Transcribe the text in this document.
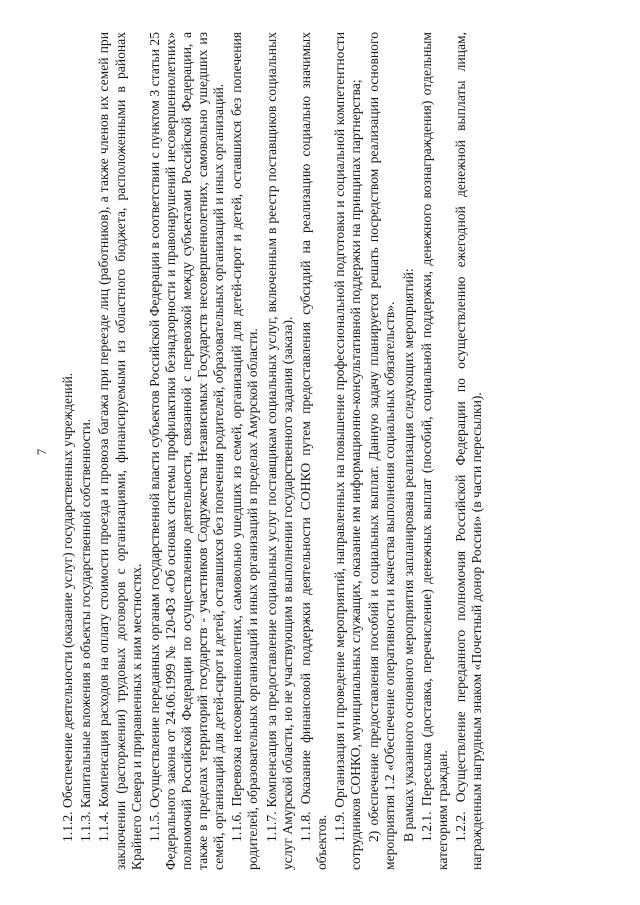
7 1.1.2. Обеспечение деятельности (оказание услуг) государственных учреждений. 1.1.3. Капитальные вложения в объекты государственной собственности. 1.1.4. Компенсация расходов на оплату стоимости проезда и провоза багажа при переезде лиц (работников), а также членов их семей при заключении (расторжении) трудовых договоров с организациями, финансируемыми из областного бюджета, расположенными в районах Крайнего Севера и приравненных к ним местностях. 1.1.5. Осуществление переданных органам государственной власти субъектов Российской Федерации в соответствии с пунктом 3 статьи 25 Федерального закона от 24.06.1999 № 120-ФЗ «Об основах системы профилактики безнадзорности и правонарушений несовершеннолетних» полномочий Российской Федерации по осуществлению деятельности, связанной с перевозкой между субъектами Российской Федерации, а также в пределах территорий государств - участников Содружества Независимых Государств несовершеннолетних, самовольно ушедших из семей, организаций для детей-сирот и детей, оставшихся без попечения родителей, образовательных организаций и иных организаций. 1.1.6. Перевозка несовершеннолетних, самовольно ушедших из семей, организаций для детей-сирот и детей, оставшихся без попечения родителей, образовательных организаций и иных организаций в пределах Амурской области. 1.1.7. Компенсация за предоставление социальных услуг поставщикам социальных услуг, включенным в реестр поставщиков социальных услуг Амурской области, но не участвующим в выполнении государственного задания (заказа). 1.1.8. Оказание финансовой поддержки деятельности СОНКО путем предоставления субсидий на реализацию социально значимых объектов.

1.1.9. Организация и проведение мероприятий, направленных на повышение профессиональной подготовки и социальной компетентности сотрудников СОНКО, муниципальных служащих, оказание им информационно-консультативной поддержки на принципах партнерства; 2) обеспечение предоставления пособий и социальных выплат. Данную задачу планируется решать посредством реализации основного мероприятия 1.2 «Обеспечение оперативности и качества выполнения социальных обязательств». В рамках указанного основного мероприятия запланирована реализация следующих мероприятий: 1.2.1. Пересылка (доставка, перечисление) денежных выплат (пособий, социальной поддержки, денежного вознаграждения) отдельным категориям граждан. 1.2.2. Осуществление переданного полномочия Российской Федерации по осуществлению ежегодной денежной выплаты лицам, награжденным нагрудным знаком «Почетный донор России» (в части пересылки).
